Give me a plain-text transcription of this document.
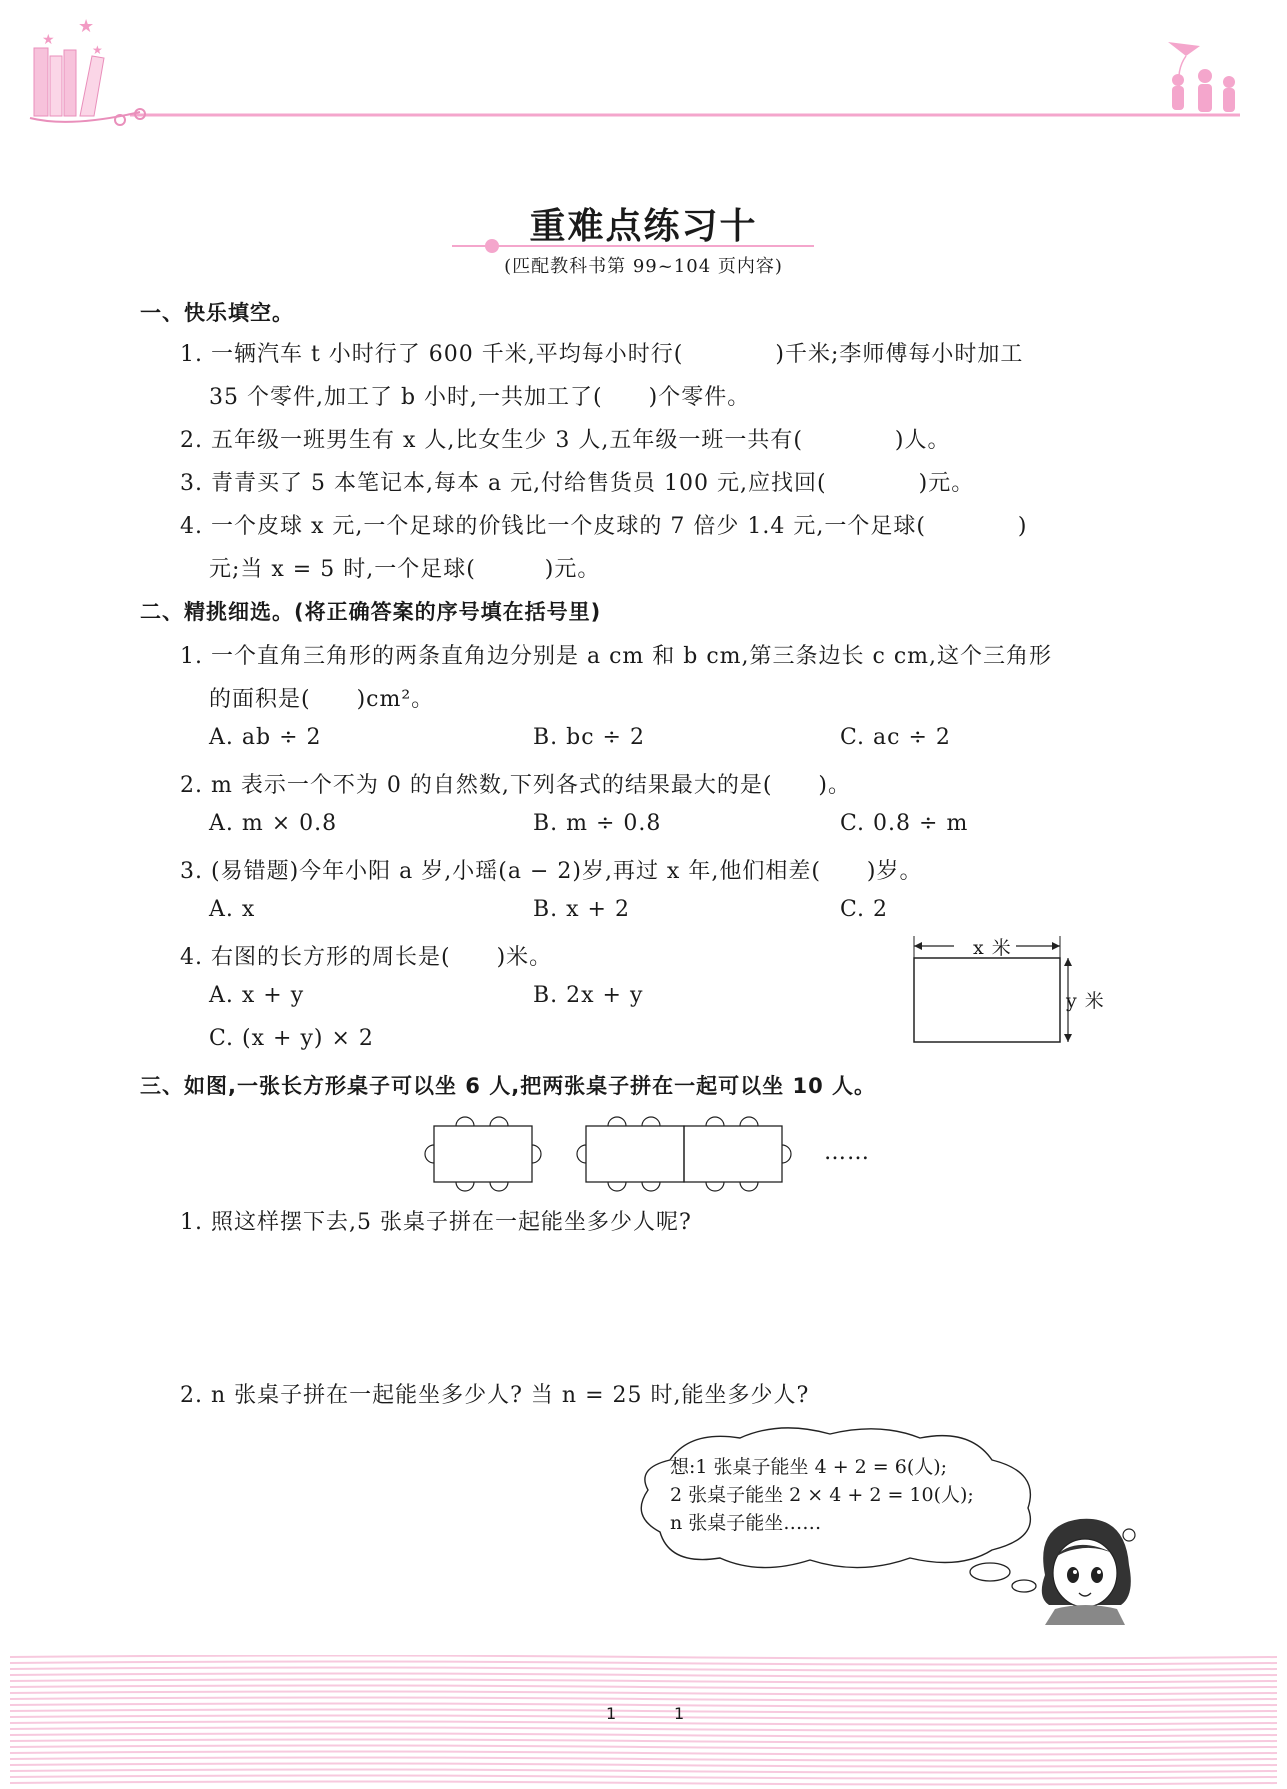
★
★
★
重难点练习十
(匹配教科书第 99~104 页内容)
一、快乐填空。
1. 一辆汽车 t 小时行了 600 千米,平均每小时行(　　　　)千米;李师傅每小时加工
35 个零件,加工了 b 小时,一共加工了(　　)个零件。
2. 五年级一班男生有 x 人,比女生少 3 人,五年级一班一共有(　　　　)人。
3. 青青买了 5 本笔记本,每本 a 元,付给售货员 100 元,应找回(　　　　)元。
4. 一个皮球 x 元,一个足球的价钱比一个皮球的 7 倍少 1.4 元,一个足球(　　　　)
元;当 x = 5 时,一个足球(　　　)元。
二、精挑细选。(将正确答案的序号填在括号里)
1. 一个直角三角形的两条直角边分别是 a cm 和 b cm,第三条边长 c cm,这个三角形
的面积是(　　)cm²。
A. ab ÷ 2	B. bc ÷ 2	C. ac ÷ 2
2. m 表示一个不为 0 的自然数,下列各式的结果最大的是(　　)。
A. m × 0.8	B. m ÷ 0.8	C. 0.8 ÷ m
3. (易错题)今年小阳 a 岁,小瑶(a − 2)岁,再过 x 年,他们相差(　　)岁。
A. x	B. x + 2	C. 2
4. 右图的长方形的周长是(　　)米。
A. x + y	B. 2x + y
C. (x + y) × 2
x 米
y 米
三、如图,一张长方形桌子可以坐 6 人,把两张桌子拼在一起可以坐 10 人。
……
1. 照这样摆下去,5 张桌子拼在一起能坐多少人呢?
2. n 张桌子拼在一起能坐多少人? 当 n = 25 时,能坐多少人?
想:1 张桌子能坐 4 + 2 = 6(人);
2 张桌子能坐 2 × 4 + 2 = 10(人);
n 张桌子能坐……
1	1
